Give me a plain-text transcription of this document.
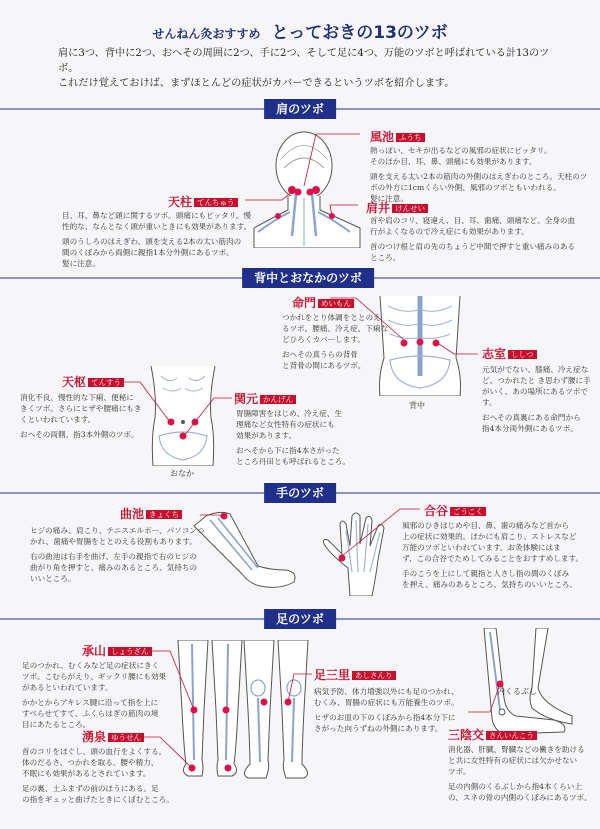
せんねん灸おすすめ とっておきの13のツボ
肩に3つ、背中に2つ、おへその周囲に2つ、手に2つ、そして足に4つ、万能のツボと呼ばれている計13のツボ。
これだけ覚えておけば、まずほとんどの症状がカバーできるというツボを紹介します。
肩のツボ
背中とおなかのツボ
手のツボ
足のツボ
風池 ふうち
熱っぽい、セキが出るなどの風邪の症状にピッタリ。
そのほか目、耳、鼻、頭痛にも効果があります。
頭を支える太い2本の筋肉の外側のはえぎわのところ。天柱のツ
ボの外方に1cmくらい外側、風邪のツボともいわれる。
髪に注意。
天柱 てんちゅう
目、耳、鼻など頭に関するツボ。頭痛にもピッタリ。慢
性的な、なんとなく頭が重いときにも効果があります。
頭のうしろのはえぎわ、頭を支える2本の太い筋肉の
間のくぼみから両側に親指1本分外側にあるツボ。
髪に注意。
肩井 けんせい
首や肩のコリ、寝違え、目、耳、歯痛、頭痛など。全身の血
行がよくなるので冷え症にも効果があります。
首のつけ根と肩の先のちょうど中間で押すと重い痛みのある
ところ。
背中
おなか
命門 めいもん
つかれをとり体調をととのえ
るツボ。腰痛、冷え症、下痢な
どひろくカバーします。
おへその真うらの背骨
と背骨の間にあるツボ。
志室 ししつ
元気がでない、膝痛、冷え症な
ど、つかれたと き思わず腰に手
がいく、あの場所にあるツボです。
おへその真裏にある命門から
指4本分両外側にあるツボ。
天枢 てんすう
消化不良、慢性的な下痢、便秘に
きくツボ。さらにヒザや腰痛にもき
くといわれています。
おへその両側、指3本外側のツボ。
関元 かんげん
胃腸障害をはじめ、冷え症、生
理痛など女性特有の症状にも
効果があります。
おへそから下に指4本さがった
ところ丹田とも呼ばれるところ。
曲池 きょくち
ヒジの痛み、肩こり、テニスエルボー、パソコンつ
かれ、歯痛や胃腸をととのえる役割もあります。
右の曲池は右手を曲げ、左手の親指で右のヒジの
曲がり角を押すと、痛みのあるところ、気持ちの
いいところ。
合谷 ごうこく
風邪のひきはじめや目、鼻、歯の痛みなど首から
上の症状に効果的。ほかにも肩こり、ストレスなど
万能のツボといわれています。お灸体験にはま
ず、この合谷でためしてみることをおすすめします。
手のこうを上にして親指と人さし指の間のくぼみ
を押え、痛みのあるところ、気持ちのいいところ。
内くるぶし
承山 しょうざん
足のつかれ、むくみなど足の症状にきく
ツボ。こむらがえり、ギックリ腰にも効果
があるといわれています。
かかとからアキレス腱に沿って指を上に
すべらせてすて、ふくらはぎの筋肉の境
目にあたるところ。
湧泉 ゆうせん
首のコリをほぐし、頭の血行をよくする。
体のだるさ、つかれを取る。腰や精力、
不眠にも効果があるとされています。
足の裏、土ふまずの前のほうにある。足
の指をギュッと曲げたときにくぼむところ。
足三里 あしさんり
病気予防、体力増強以外にも足のつかれ、
むくみ、胃腸の症状にも万能養生のツボ。
ヒザのお皿の下のくぼみから指4本分下に
さがった向うずねの外側にあります。 三陰交 さんいんこう
消化器、肝臓、腎臓などの働きを助ける
と共に女性特有の症状には欠かせない
ツボ。
足の内側のくるぶしから指4本くらい上
の、スネの骨の内側のくぼみにあるツボ。
